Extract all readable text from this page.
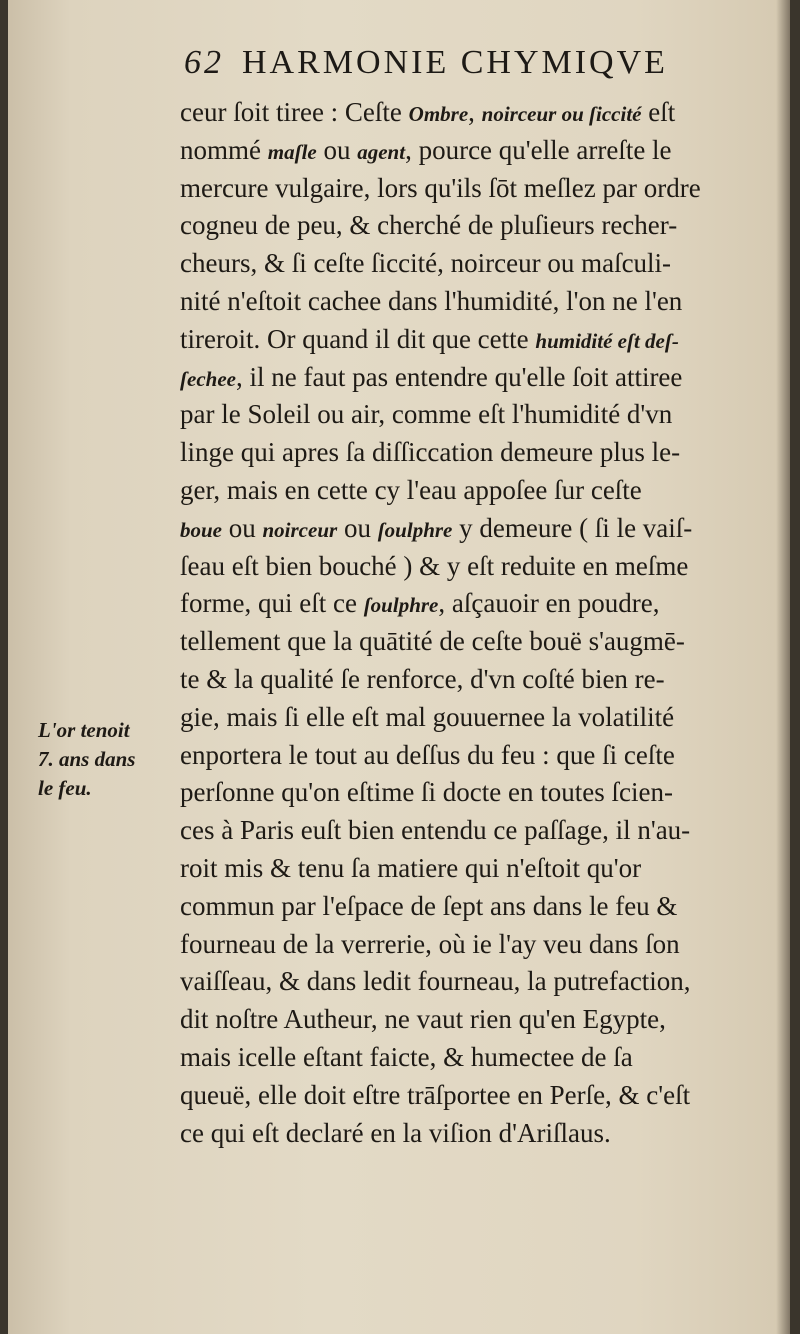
62 HARMONIE CHYMIQVE
L'or tenoit
7. ans dans
le feu.
ceur ſoit tiree : Ceſte Ombre, noirceur ou ſiccité eſt
nommé maſle ou agent, pource qu'elle arreſte le
mercure vulgaire, lors qu'ils ſōt meſlez par ordre
cogneu de peu, & cherché de pluſieurs recher-
cheurs, & ſi ceſte ſiccité, noirceur ou maſculi-
nité n'eſtoit cachee dans l'humidité, l'on ne l'en
tireroit. Or quand il dit que cette humidité eſt deſ-
ſechee, il ne faut pas entendre qu'elle ſoit attiree
par le Soleil ou air, comme eſt l'humidité d'vn
linge qui apres ſa diſſiccation demeure plus le-
ger, mais en cette cy l'eau appoſee ſur ceſte
boue ou noirceur ou ſoulphre y demeure ( ſi le vaiſ-
ſeau eſt bien bouché ) & y eſt reduite en meſme
forme, qui eſt ce ſoulphre, aſçauoir en poudre,
tellement que la quātité de ceſte bouë s'augmē-
te & la qualité ſe renforce, d'vn coſté bien re-
gie, mais ſi elle eſt mal gouuernee la volatilité
enportera le tout au deſſus du feu : que ſi ceſte
perſonne qu'on eſtime ſi docte en toutes ſcien-
ces à Paris euſt bien entendu ce paſſage, il n'au-
roit mis & tenu ſa matiere qui n'eſtoit qu'or
commun par l'eſpace de ſept ans dans le feu &
fourneau de la verrerie, où ie l'ay veu dans ſon
vaiſſeau, & dans ledit fourneau, la putrefaction,
dit noſtre Autheur, ne vaut rien qu'en Egypte,
mais icelle eſtant faicte, & humectee de ſa
queuë, elle doit eſtre trāſportee en Perſe, & c'eſt
ce qui eſt declaré en la viſion d'Ariſlaus.
